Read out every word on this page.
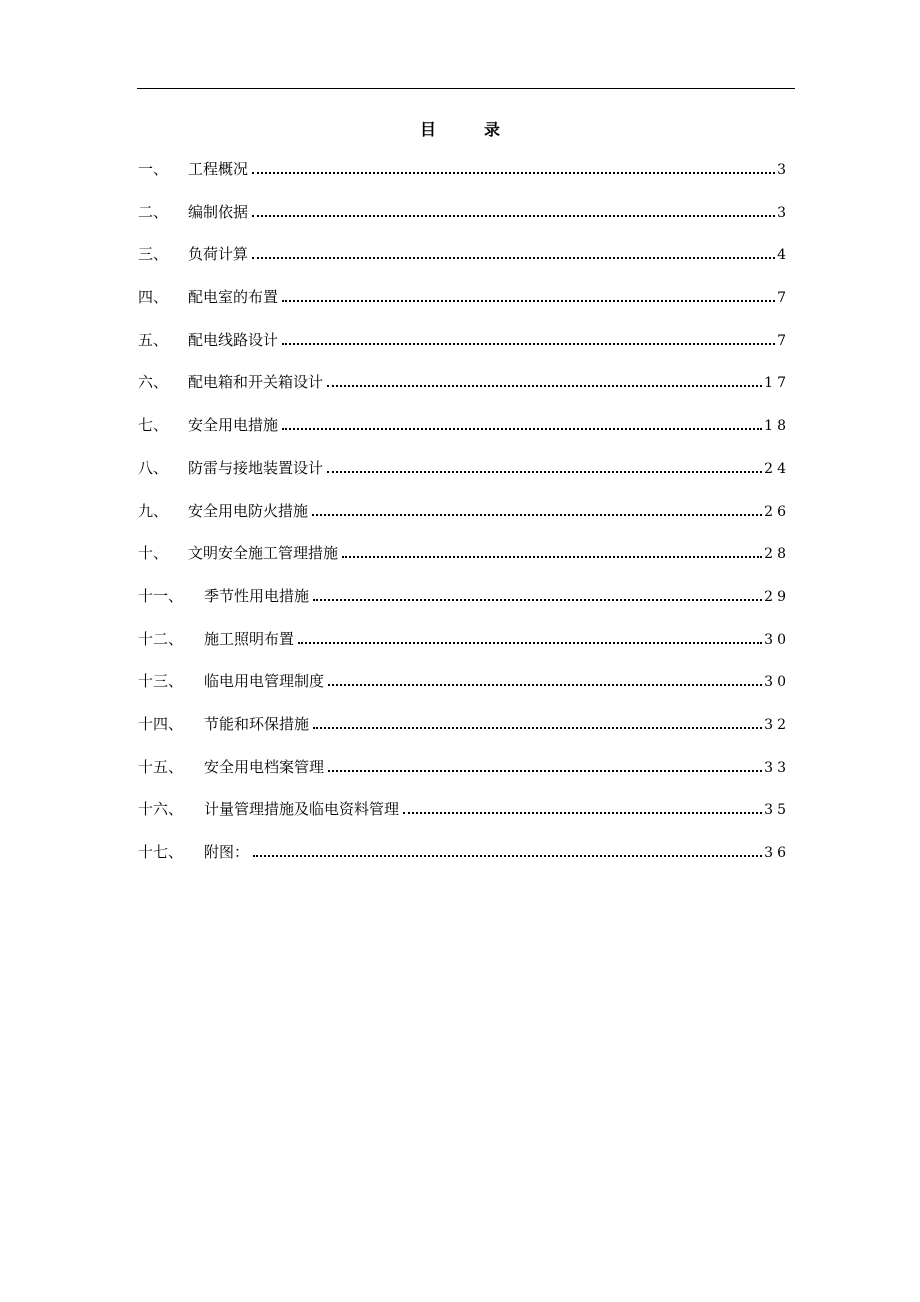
目	录
一、	工程概况	3
二、	编制依据	3
三、	负荷计算	4
四、	配电室的布置	7
五、	配电线路设计	7
六、	配电箱和开关箱设计	17
七、	安全用电措施	18
八、	防雷与接地装置设计	24
九、	安全用电防火措施	26
十、	文明安全施工管理措施	28
十一、	季节性用电措施	29
十二、	施工照明布置	30
十三、	临电用电管理制度	30
十四、	节能和环保措施	32
十五、	安全用电档案管理	33
十六、	计量管理措施及临电资料管理	35
十七、	附图：	36
